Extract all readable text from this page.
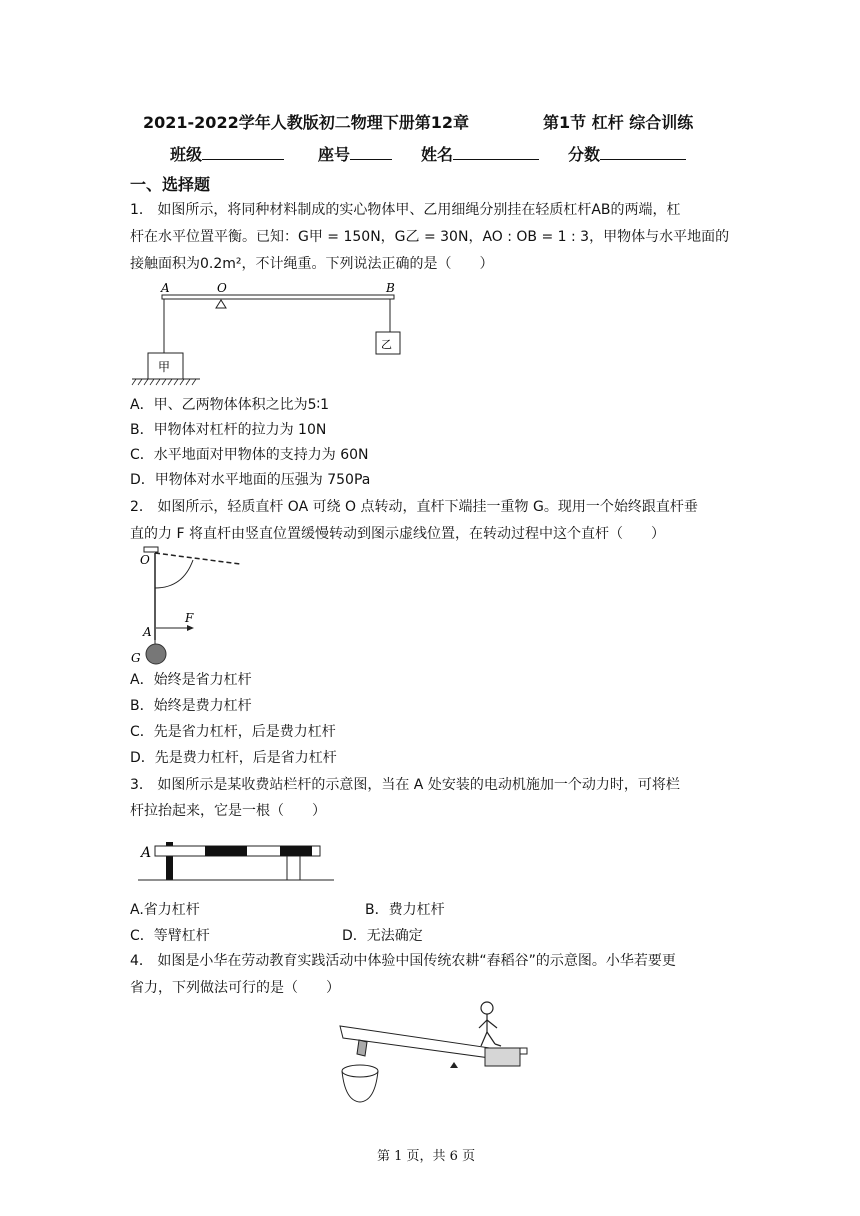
2021-2022学年人教版初二物理下册第12章	第1节 杠杆 综合训练
班级	座号	姓名	分数
一、选择题
1． 如图所示，将同种材料制成的实心物体甲、乙用细绳分别挂在轻质杠杆AB的两端，杠
杆在水平位置平衡。已知：G甲 = 150N，G乙 = 30N，AO : OB = 1 : 3，甲物体与水平地面的
接触面积为0.2m²，不计绳重。下列说法正确的是（　　）
A	O	B
甲
乙
A．甲、乙两物体体积之比为5∶1
B．甲物体对杠杆的拉力为 10N
C．水平地面对甲物体的支持力为 60N
D．甲物体对水平地面的压强为 750Pa
2． 如图所示，轻质直杆 OA 可绕 O 点转动，直杆下端挂一重物 G。现用一个始终跟直杆垂
直的力 F 将直杆由竖直位置缓慢转动到图示虚线位置，在转动过程中这个直杆（　　）
O
A
F
G
A．始终是省力杠杆
B．始终是费力杠杆
C．先是省力杠杆，后是费力杠杆
D．先是费力杠杆，后是省力杠杆
3． 如图所示是某收费站栏杆的示意图，当在 A 处安装的电动机施加一个动力时，可将栏
杆拉抬起来，它是一根（　　）
A
A.省力杠杆	B．费力杠杆
C．等臂杠杆	D．无法确定
4． 如图是小华在劳动教育实践活动中体验中国传统农耕“舂稻谷”的示意图。小华若要更
省力，下列做法可行的是（　　）
第 1 页，共 6 页
